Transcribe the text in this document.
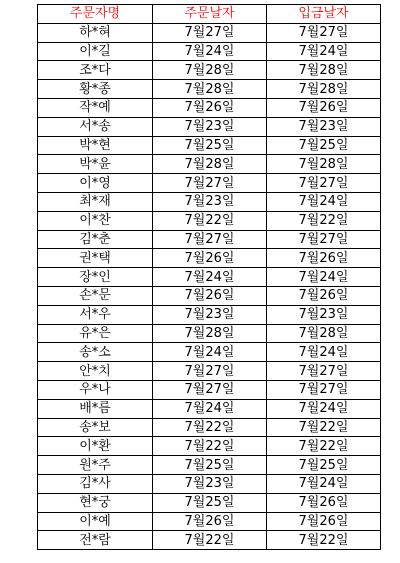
주문자명	주문날자	입금날자
하*혀	7월27일	7월27일
이*길	7월24일	7월24일
조*다	7월28일	7월28일
황*종	7월28일	7월28일
작*예	7월26일	7월26일
서*송	7월23일	7월23일
박*현	7월25일	7월25일
박*윤	7월28일	7월28일
이*영	7월27일	7월27일
최*재	7월23일	7월24일
이*찬	7월22일	7월22일
김*춘	7월27일	7월27일
권*택	7월26일	7월26일
장*인	7월24일	7월24일
손*문	7월26일	7월26일
서*우	7월23일	7월23일
유*은	7월28일	7월28일
송*소	7월24일	7월24일
안*치	7월27일	7월27일
우*나	7월27일	7월27일
배*름	7월24일	7월24일
송*보	7월22일	7월22일
이*환	7월22일	7월22일
원*주	7월25일	7월25일
김*사	7월23일	7월24일
현*궁	7월25일	7월26일
이*예	7월26일	7월26일
전*람	7월22일	7월22일
